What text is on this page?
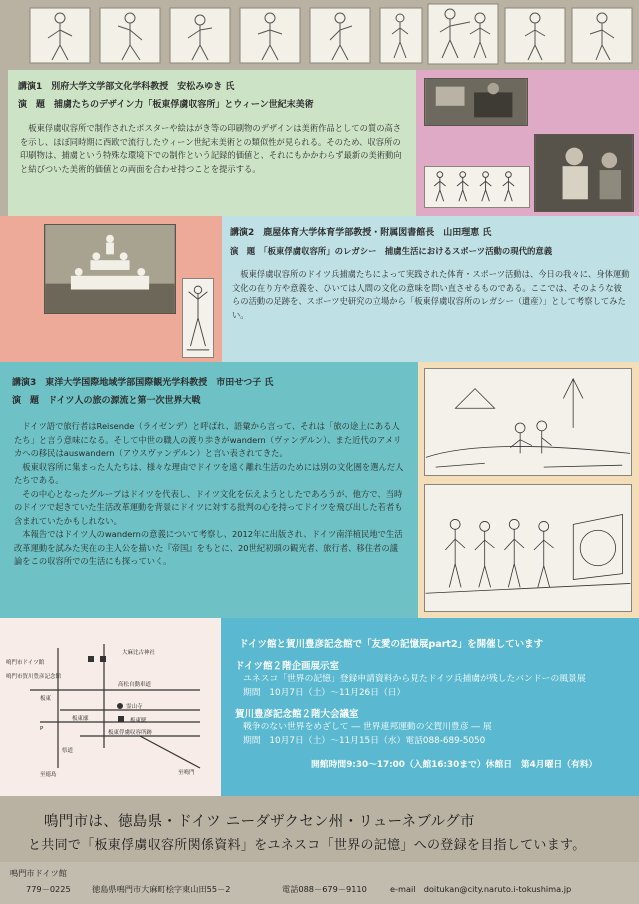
講演1　別府大学文学部文化学科教授　安松みゆき 氏
演　題　捕虜たちのデザイン力「板東俘虜収容所」とウィーン世紀末美術
板東俘虜収容所で制作されたポスターや絵はがき等の印刷物のデザインは美術作品としての質の高さを示し、ほぼ同時期に西欧で流行したウィーン世紀末美術との類似性が見られる。そのため、収容所の印刷物は、捕虜という特殊な環境下での制作という記録的価値と、それにもかかわらず最新の美術動向と結びついた美術的価値との両面を合わせ持つことを提示する。
講演2　鹿屋体育大学体育学部教授・附属図書館長　山田理恵 氏
演　題　「板東俘虜収容所」のレガシー　捕虜生活におけるスポーツ活動の現代的意義
板東俘虜収容所のドイツ兵捕虜たちによって実践された体育・スポーツ活動は、今日の我々に、身体運動文化の在り方や意義を、ひいては人間の文化の意味を問い直させるものである。ここでは、そのような彼らの活動の足跡を、スポーツ史研究の立場から「板東俘虜収容所のレガシー（遺産）」として考察してみたい。
講演3　東洋大学国際地域学部国際観光学科教授　市田せつ子 氏
演　題　ドイツ人の旅の源流と第一次世界大戦

ドイツ語で旅行者はReisende（ライゼンデ）と呼ばれ、語彙から言って、それは「旅の途上にある人たち」と言う意味になる。そして中世の職人の渡り歩きがwandern（ヴァンデルン）、また近代のアメリカへの移民はauswandern（アウスヴァンデルン）と言い表されてきた。

板東収容所に集まった人たちは、様々な理由でドイツを遠く離れ生活のためには別の文化圏を選んだ人たちである。

その中心となったグループはドイツを代表し、ドイツ文化を伝えようとしたであろうが、他方で、当時のドイツで起きていた生活改革運動を背景にドイツに対する批判の心を持ってドイツを飛び出した若者も含まれていたかもしれない。

本報告ではドイツ人のwandernの意義について考察し、2012年に出版され、ドイツ南洋植民地で生活改革運動を試みた実在の主人公を描いた『帝国』をもとに、20世紀初頭の観光者、旅行者、移住者の議論をこの収容所での生活にも探っていく。

大麻比古神社
鳴門市ドイツ館
鳴門市賀川豊彦記念館
霊山寺
高松自動車道
板東駅
板東
板東俘虜収容所跡
県道
P
至徳島	至鳴門
板東廓
ドイツ館と賀川豊彦記念館で「友愛の記憶展part2」を開催しています
ドイツ館２階企画展示室
ユネスコ「世界の記憶」登録申請資料から見たドイツ兵捕虜が残したバンドーの風景展
期間　10月7日（土）～11月26日（日）
賀川豊彦記念館２階大会議室
戦争のない世界をめざして ― 世界連邦運動の父賀川豊彦 ― 展
期間　10月7日（土）～11月15日（水）電話088-689-5050
開館時間9:30～17:00（入館16:30まで）休館日　第4月曜日（有料）
鳴門市は、徳島県・ドイツ ニーダザクセン州・リューネブルグ市
と共同で「板東俘虜収容所関係資料」をユネスコ「世界の記憶」への登録を目指しています。
鳴門市ドイツ館
779－0225	徳島県鳴門市大麻町桧字東山田55－2	電話088－679－9110	e-mail　doitukan@city.naruto.i-tokushima.jp
